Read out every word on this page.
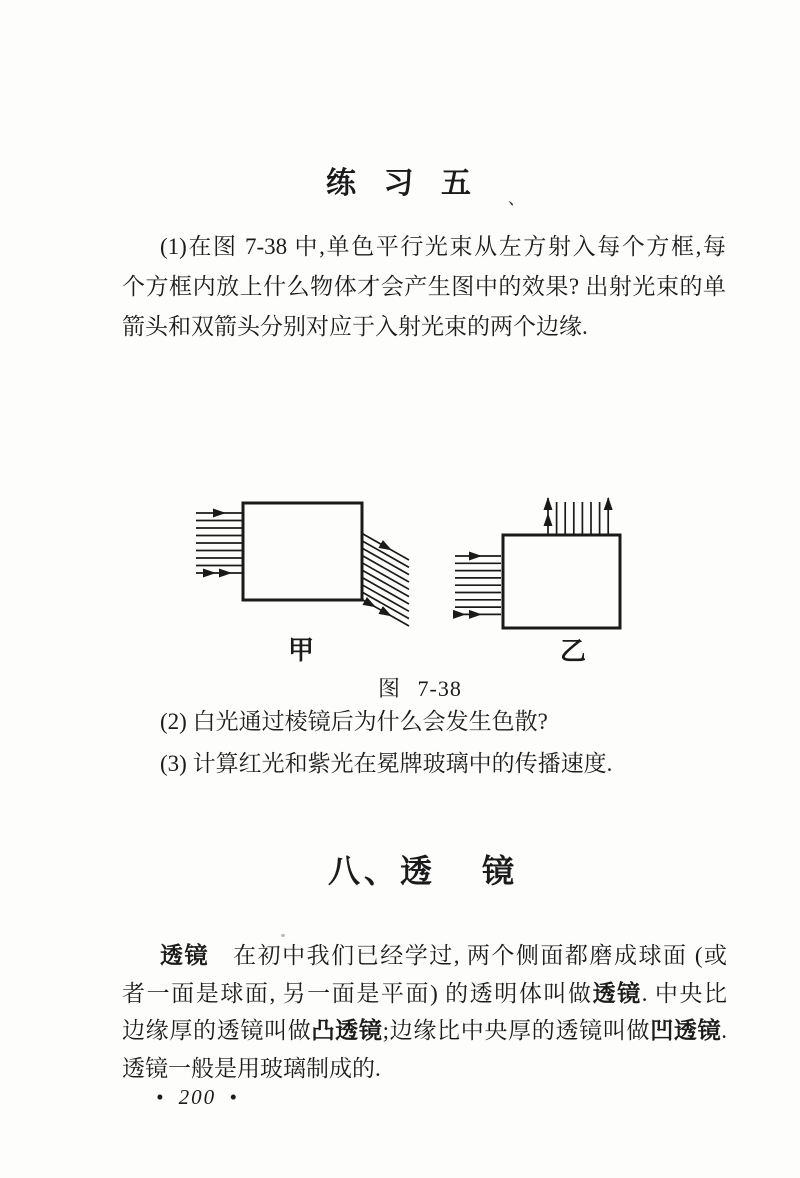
、
练 习 五
(1)在图 7-38 中,单色平行光束从左方射入每个方框,每
个方框内放上什么物体才会产生图中的效果? 出射光束的单
箭头和双箭头分别对应于入射光束的两个边缘.
甲	乙
图 7-38
(2) 白光通过棱镜后为什么会发生色散?
(3) 计算红光和紫光在冕牌玻璃中的传播速度.
八、透 镜
透镜 在初中我们已经学过, 两个侧面都磨成球面 (或
者一面是球面, 另一面是平面) 的透明体叫做透镜. 中央比
边缘厚的透镜叫做凸透镜;边缘比中央厚的透镜叫做凹透镜.
透镜一般是用玻璃制成的.
• 200 •
